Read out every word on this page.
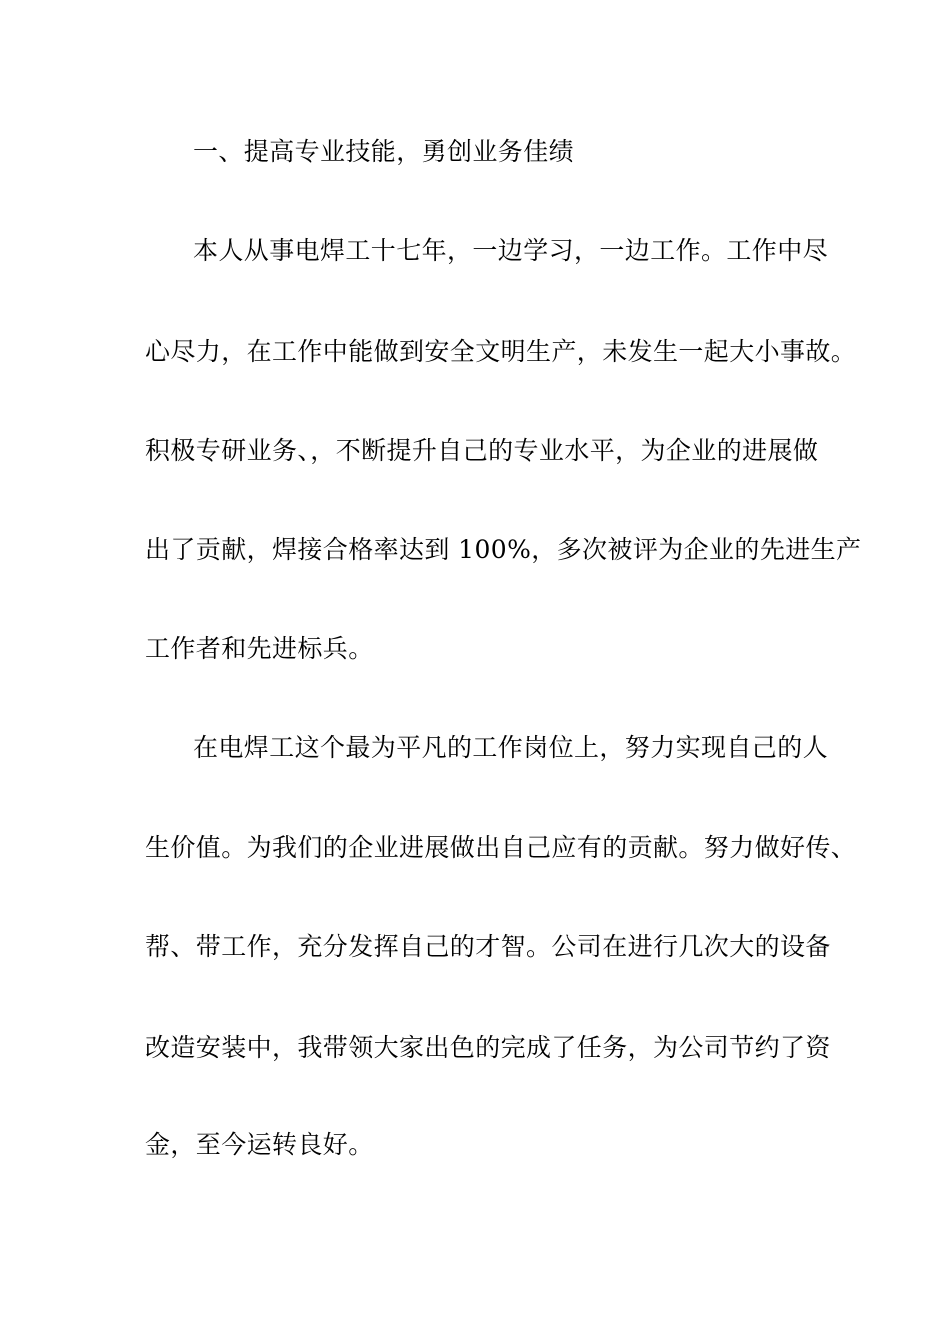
一、提高专业技能，勇创业务佳绩
本人从事电焊工十七年，一边学习，一边工作。工作中尽
心尽力，在工作中能做到安全文明生产，未发生一起大小事故。
积极专研业务、，不断提升自己的专业水平，为企业的进展做
出了贡献，焊接合格率达到 100%，多次被评为企业的先进生产
工作者和先进标兵。
在电焊工这个最为平凡的工作岗位上，努力实现自己的人
生价值。为我们的企业进展做出自己应有的贡献。努力做好传、
帮、带工作，充分发挥自己的才智。公司在进行几次大的设备
改造安装中，我带领大家出色的完成了任务，为公司节约了资
金，至今运转良好。
